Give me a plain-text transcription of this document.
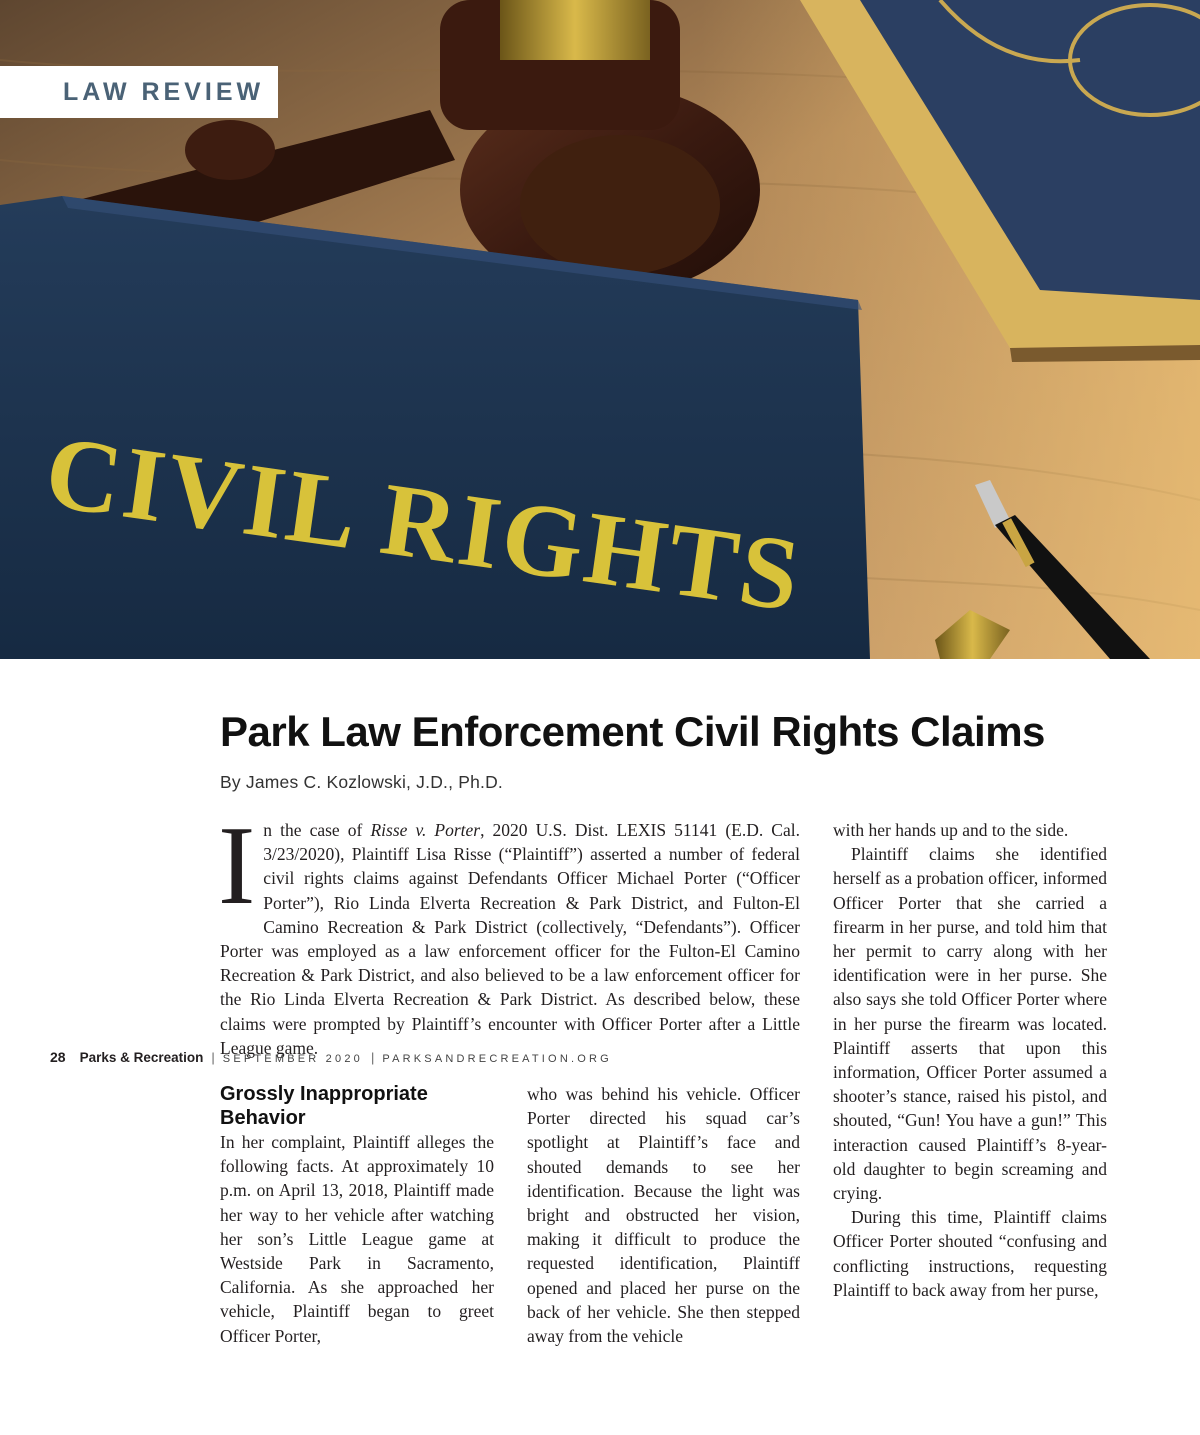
CIVIL RIGHTS
LAW REVIEW
Park Law Enforcement Civil Rights Claims
By James C. Kozlowski, J.D., Ph.D.

In the case of Risse v. Porter, 2020 U.S. Dist. LEXIS 51141 (E.D. Cal. 3/23/2020), Plaintiff Lisa Risse (“Plaintiff”) asserted a number of federal civil rights claims against Defendants Officer Michael Porter (“Officer Porter”), Rio Linda Elverta Recreation & Park District, and Fulton-El Camino Recreation & Park District (collectively, “Defendants”). Officer Porter was employed as a law enforcement officer for the Fulton-El Camino Recreation & Park District, and also believed to be a law enforcement officer for the Rio Linda Elverta Recreation & Park District. As described below, these claims were prompted by Plaintiff’s encounter with Officer Porter after a Little League game.

Grossly Inappropriate Behavior

In her complaint, Plaintiff alleges the following facts. At approximately 10 p.m. on April 13, 2018, Plaintiff made her way to her vehicle after watching her son’s Little League game at Westside Park in Sacramento, California. As she approached her vehicle, Plaintiff began to greet Officer Porter,

who was behind his vehicle. Officer Porter directed his squad car’s spotlight at Plaintiff’s face and shouted demands to see her identification. Because the light was bright and obstructed her vision, making it difficult to produce the requested identification, Plaintiff opened and placed her purse on the back of her vehicle. She then stepped away from the vehicle

with her hands up and to the side.

Plaintiff claims she identified herself as a probation officer, informed Officer Porter that she carried a firearm in her purse, and told him that her permit to carry along with her identification were in her purse. She also says she told Officer Porter where in her purse the firearm was located. Plaintiff asserts that upon this information, Officer Porter assumed a shooter’s stance, raised his pistol, and shouted, “Gun! You have a gun!” This interaction caused Plaintiff’s 8-year-old daughter to begin screaming and crying.

During this time, Plaintiff claims Officer Porter shouted “confusing and conflicting instructions, requesting Plaintiff to back away from her purse,

28 Parks & Recreation | SEPTEMBER 2020 | PARKSANDRECREATION.ORG
